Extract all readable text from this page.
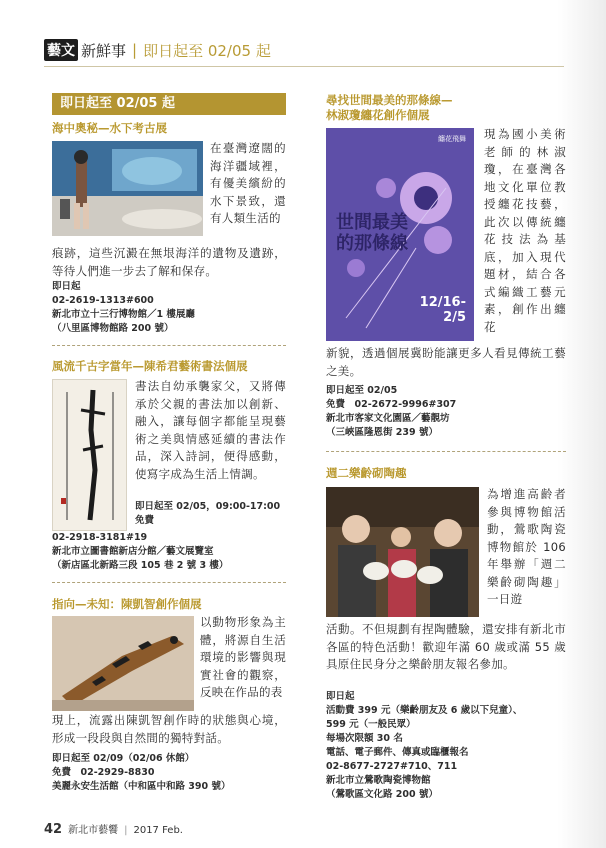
藝文 新鮮事 | 即日起至 02/05 起
即日起至 02/05 起
海中奧秘—水下考古展
在臺灣遼闊的海洋疆域裡，有優美繽紛的水下景致，還有人類生活的
痕跡，這些沉澱在無垠海洋的遺物及遺跡，等待人們進一步去了解和保存。
即日起
02-2619-1313#600
新北市立十三行博物館／1 樓展廳
（八里區博物館路 200 號）
風流千古字當年—陳希君藝術書法個展
書法自幼承襲家父，又將傳承於父親的書法加以創新、融入，讓每個字都能呈現藝術之美與情感延續的書法作品，深入詩詞，便得感動，使寫字成為生活上情調。
即日起至 02/05，09:00-17:00
免費
02-2918-3181#19
新北市立圖書館新店分館／藝文展覽室
（新店區北新路三段 105 巷 2 號 3 樓）
指向—未知：陳凱智創作個展
以動物形象為主體，將源自生活環境的影響與現實社會的觀察，反映在作品的表
現上，流露出陳凱智創作時的狀態與心境，形成一段段與自然間的獨特對話。
即日起至 02/09（02/06 休館）
免費　02-2929-8830
美麗永安生活館（中和區中和路 390 號）
尋找世間最美的那條線—
林淑瓊纏花創作個展
纏花飛舞
世間最美的那條線
12/16-
2/5
現為國小美術老師的林淑瓊，在臺灣各地文化單位教授纏花技藝，此次以傳統纏花技法為基底，加入現代題材，結合各式編織工藝元素，創作出纏花
新貌，透過個展冀盼能讓更多人看見傳統工藝之美。
即日起至 02/05
免費　02-2672-9996#307
新北市客家文化園區／藝靚坊
（三峽區隆恩街 239 號）
週二樂齡砌陶趣
為增進高齡者參與博物館活動，鶯歌陶瓷博物館於 106 年舉辦「週二樂齡砌陶趣」一日遊
活動。不但規劃有捏陶體驗，還安排有新北市各區的特色活動！歡迎年滿 60 歲或滿 55 歲具原住民身分之樂齡朋友報名參加。
即日起
活動費 399 元（樂齡朋友及 6 歲以下兒童）、
599 元（一般民眾）
每場次限額 30 名
電話、電子郵件、傳真或臨櫃報名
02-8677-2727#710、711
新北市立鶯歌陶瓷博物館
（鶯歌區文化路 200 號）
42 新北市藝饗 | 2017 Feb.
